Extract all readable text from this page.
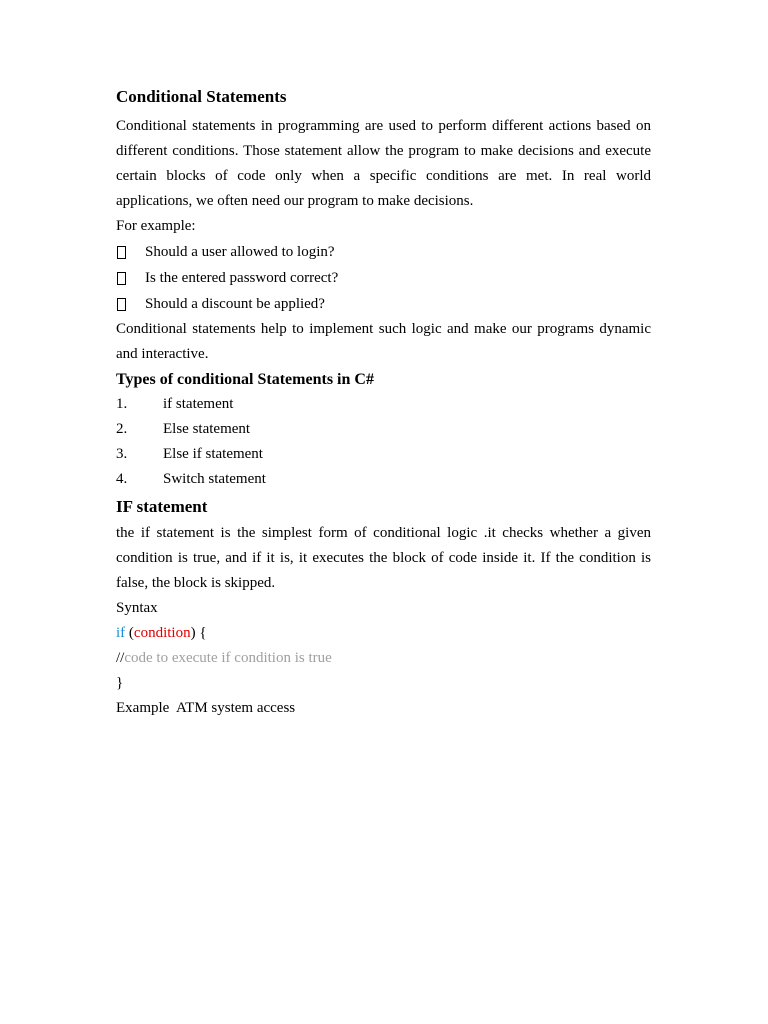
Conditional Statements

Conditional statements in programming are used to perform different actions based on different conditions. Those statement allow the program to make decisions and execute certain blocks of code only when a specific conditions are met. In real world applications, we often need our program to make decisions.

For example:

Should a user allowed to login?
Is the entered password correct?
Should a discount be applied?

Conditional statements help to implement such logic and make our programs dynamic and interactive.

Types of conditional Statements in C#
1.	if statement
2.	Else statement
3.	Else if statement
4.	Switch statement
IF statement

the if statement is the simplest form of conditional logic .it checks whether a given condition is true, and if it is, it executes the block of code inside it. If the condition is false, the block is skipped.

Syntax

if (condition) {
//code to execute if condition is true
}

Example  ATM system access
